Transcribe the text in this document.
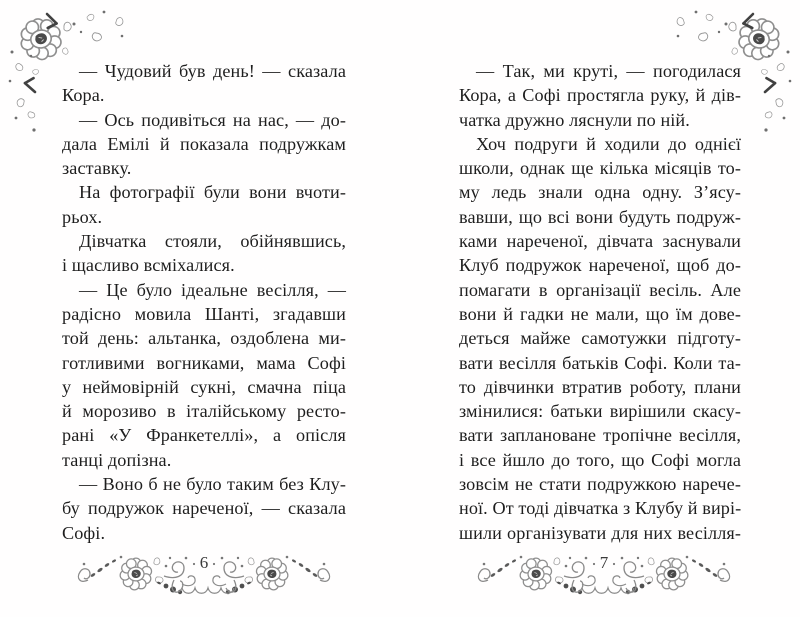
— Чудовий був день! — сказала
Кора.
— Ось подивіться на нас, — до-
дала Емілі й показала подружкам
заставку.
На фотографії були вони вчоти-
рьох.
Дівчатка стояли, обійнявшись,
і щасливо всміхалися.
— Це було ідеальне весілля, —
радісно мовила Шанті, згадавши
той день: альтанка, оздоблена ми-
готливими вогниками, мама Софі
у неймовірній сукні, смачна піца
й морозиво в італійському ресто-
рані «У Франкетеллі», а опісля
танці допізна.
— Воно б не було таким без Клу-
бу подружок нареченої, — сказала
Софі.
— Так, ми круті, — погодилася
Кора, а Софі простягла руку, й дів-
чатка дружно ляснули по ній.
Хоч подруги й ходили до однієї
школи, однак ще кілька місяців то-
му ледь знали одна одну. З’ясу-
вавши, що всі вони будуть подруж-
ками нареченої, дівчата заснували
Клуб подружок нареченої, щоб до-
помагати в організації весіль. Але
вони й гадки не мали, що їм дове-
деться майже самотужки підготу-
вати весілля батьків Софі. Коли та-
то дівчинки втратив роботу, плани
змінилися: батьки вирішили скасу-
вати заплановане тропічне весілля,
і все йшло до того, що Софі могла
зовсім не стати подружкою нарече-
ної. От тоді дівчатка з Клубу й вирі-
шили організувати для них весілля-
6	7
